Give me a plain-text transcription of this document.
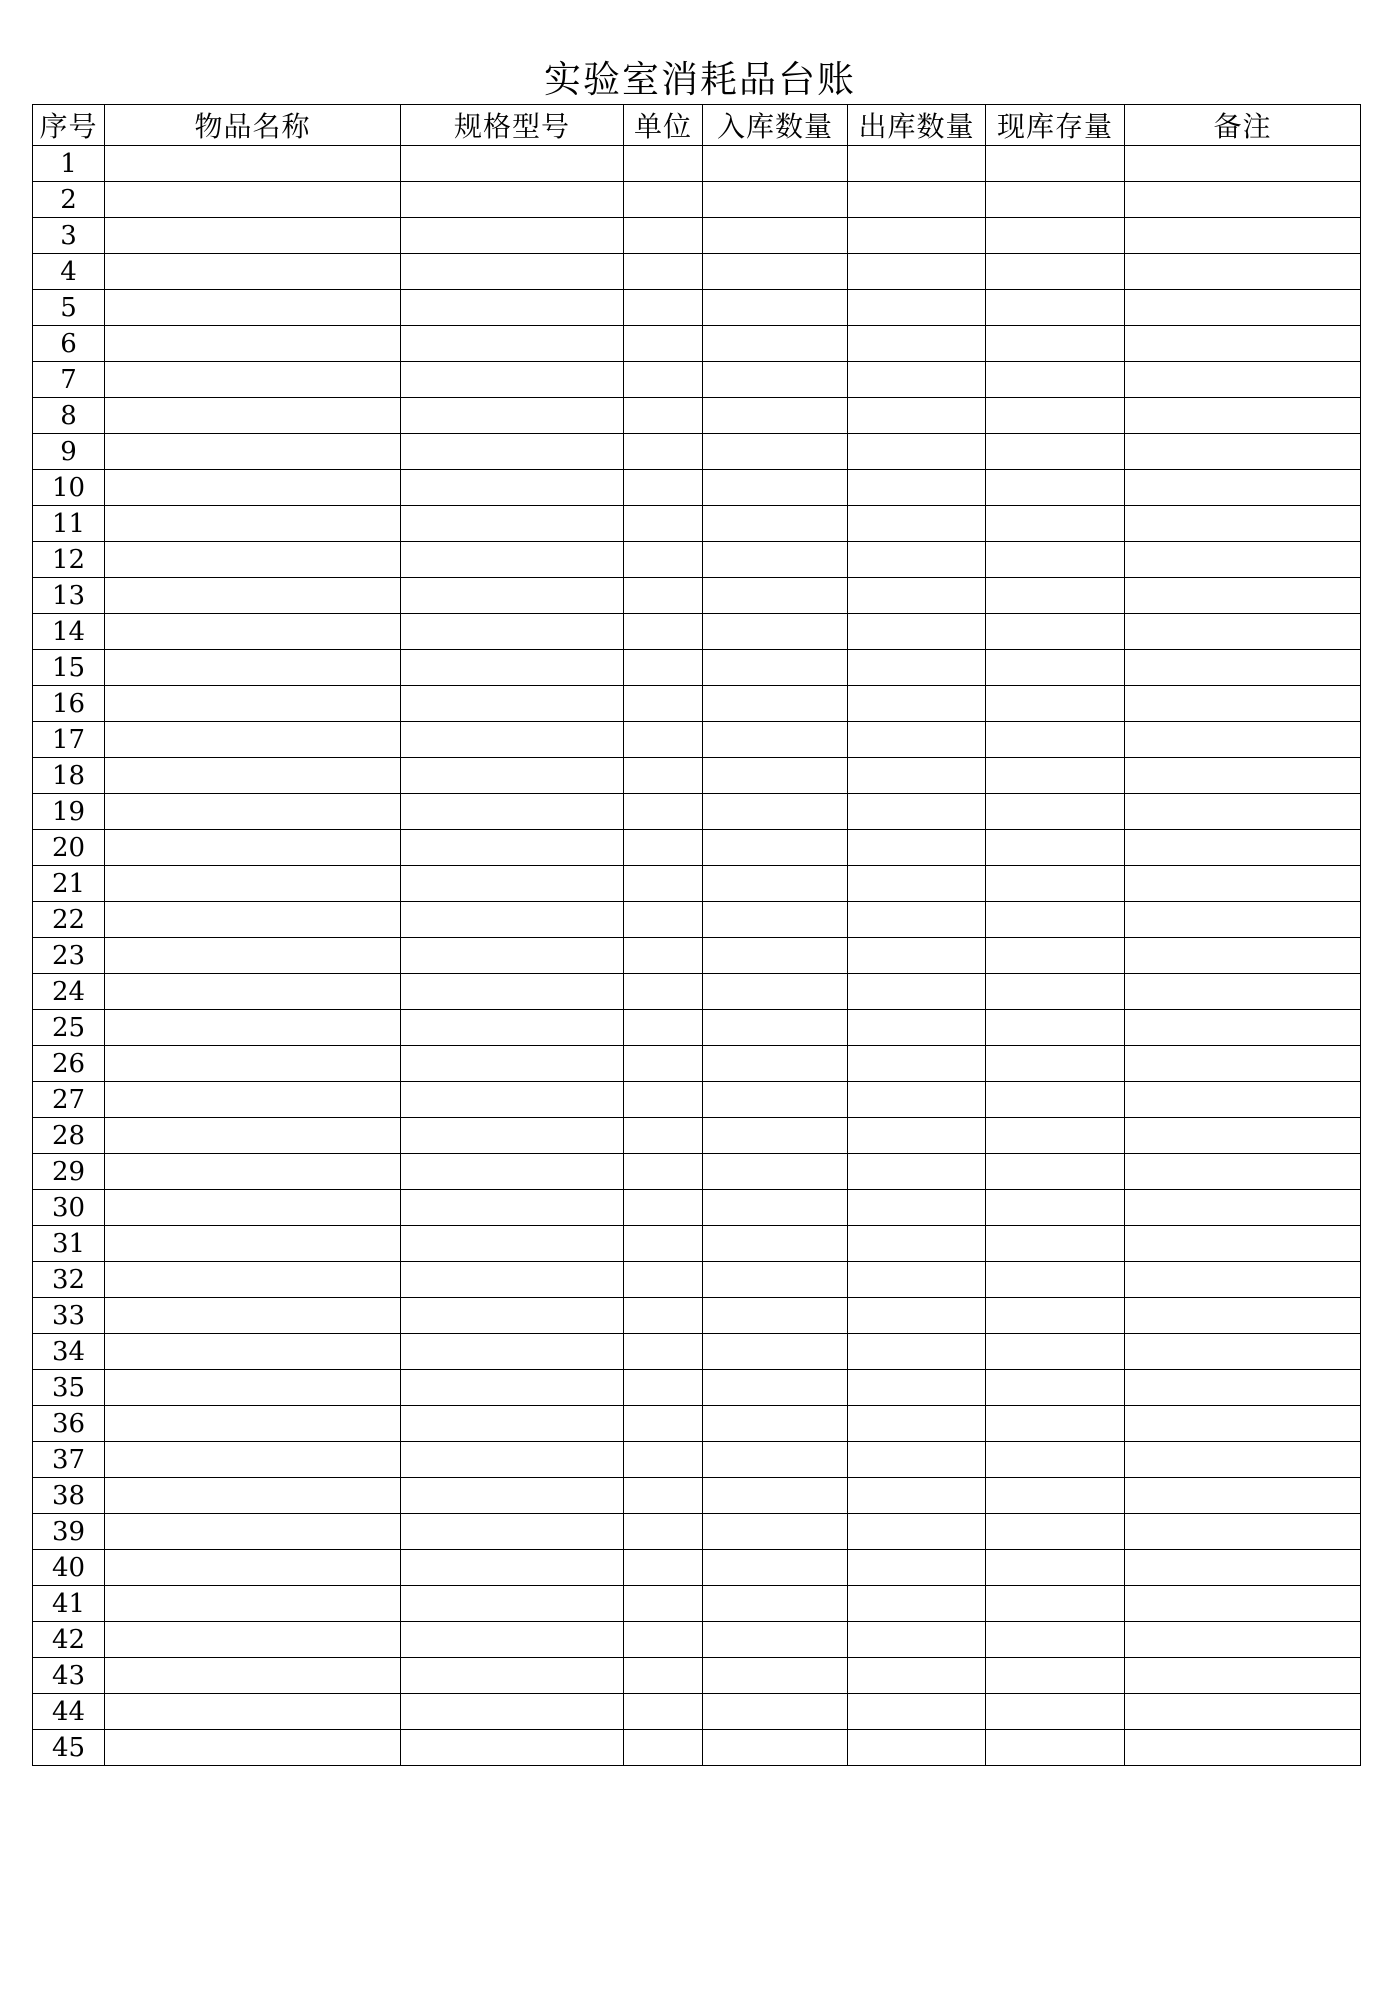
实验室消耗品台账
序号	物品名称	规格型号	单位	入库数量	出库数量	现库存量	备注
1							
2							
3							
4							
5							
6							
7							
8							
9							
10							
11							
12							
13							
14							
15							
16							
17							
18							
19							
20							
21							
22							
23							
24							
25							
26							
27							
28							
29							
30							
31							
32							
33							
34							
35							
36							
37							
38							
39							
40							
41							
42							
43							
44							
45							
